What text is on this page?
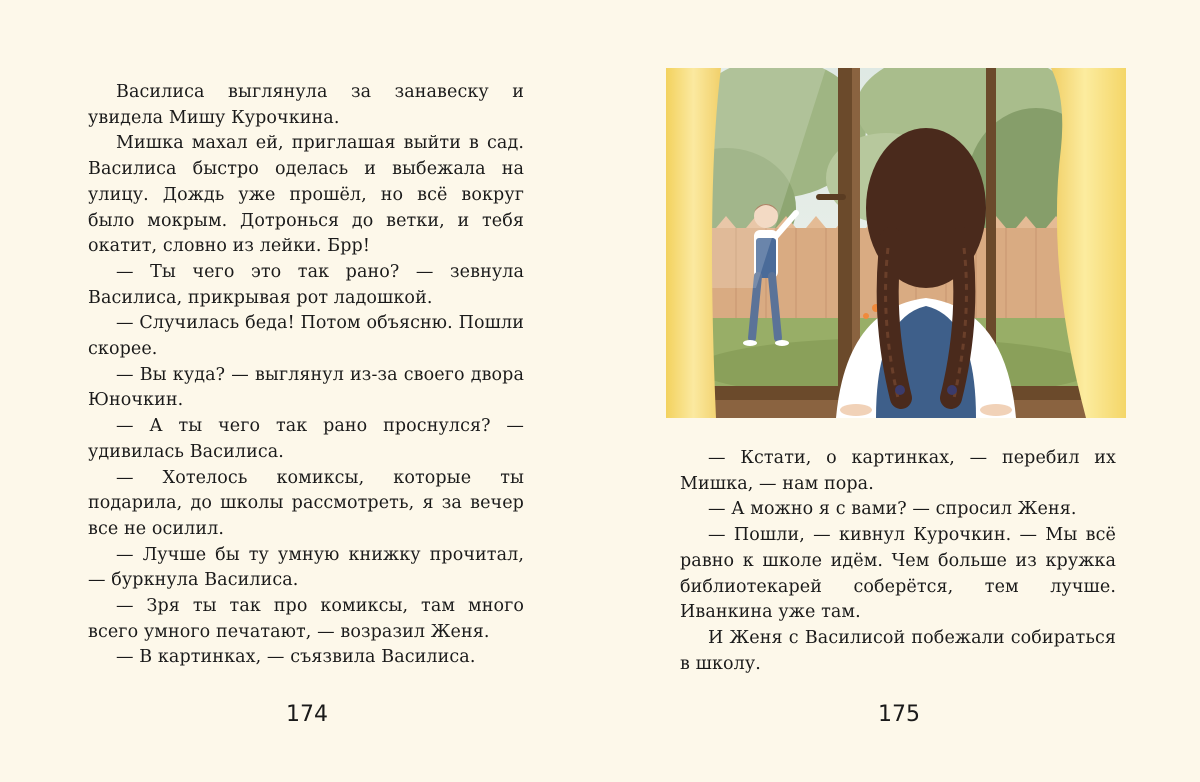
Василиса выглянула за занавеску и увидела Мишу Курочкина.

Мишка махал ей, приглашая выйти в сад. Василиса быстро оделась и выбежала на улицу. Дождь уже прошёл, но всё вокруг было мокрым. Дотронься до ветки, и тебя окатит, словно из лейки. Брр!

— Ты чего это так рано? — зевнула Василиса, прикрывая рот ладошкой.

— Случилась беда! Потом объясню. Пошли скорее.

— Вы куда? — выглянул из-за своего двора Юночкин.

— А ты чего так рано проснулся? — удивилась Василиса.

— Хотелось комиксы, которые ты подарила, до школы рассмотреть, я за вечер все не осилил.

— Лучше бы ту умную книжку прочитал, — буркнула Василиса.

— Зря ты так про комиксы, там много всего умного печатают, — возразил Женя.

— В картинках, — съязвила Василиса.

— Кстати, о картинках, — перебил их Мишка, — нам пора.

— А можно я с вами? — спросил Женя.

— Пошли, — кивнул Курочкин. — Мы всё равно к школе идём. Чем больше из кружка библиотекарей соберётся, тем лучше. Иванкина уже там.

И Женя с Василисой побежали собираться в школу.

174	175
